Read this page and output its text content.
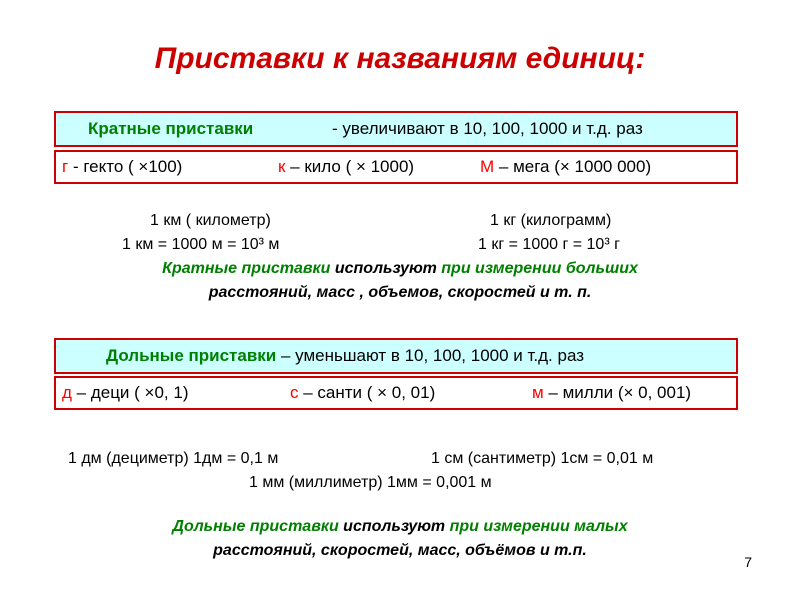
Приставки к названиям единиц:
Кратные приставки	- увеличивают в 10, 100, 1000 и т.д. раз
г - гекто ( ×100)	к – кило ( × 1000)	М – мега (× 1000 000)
1 км ( километр)
1 км = 1000 м = 10³ м
1 кг (килограмм)
1 кг = 1000 г = 10³ г
Кратные приставки используют при измерении больших
расстояний, масс , объемов, скоростей и т. п.
Дольные приставки – уменьшают в 10, 100, 1000 и т.д. раз
д – деци ( ×0, 1)	с – санти ( × 0, 01)	м – милли (× 0, 001)
1 дм (дециметр) 1дм = 0,1 м	1 см (сантиметр) 1см = 0,01 м
1 мм (миллиметр) 1мм = 0,001 м
Дольные приставки используют при измерении малых
расстояний, скоростей, масс, объёмов и т.п.
7
